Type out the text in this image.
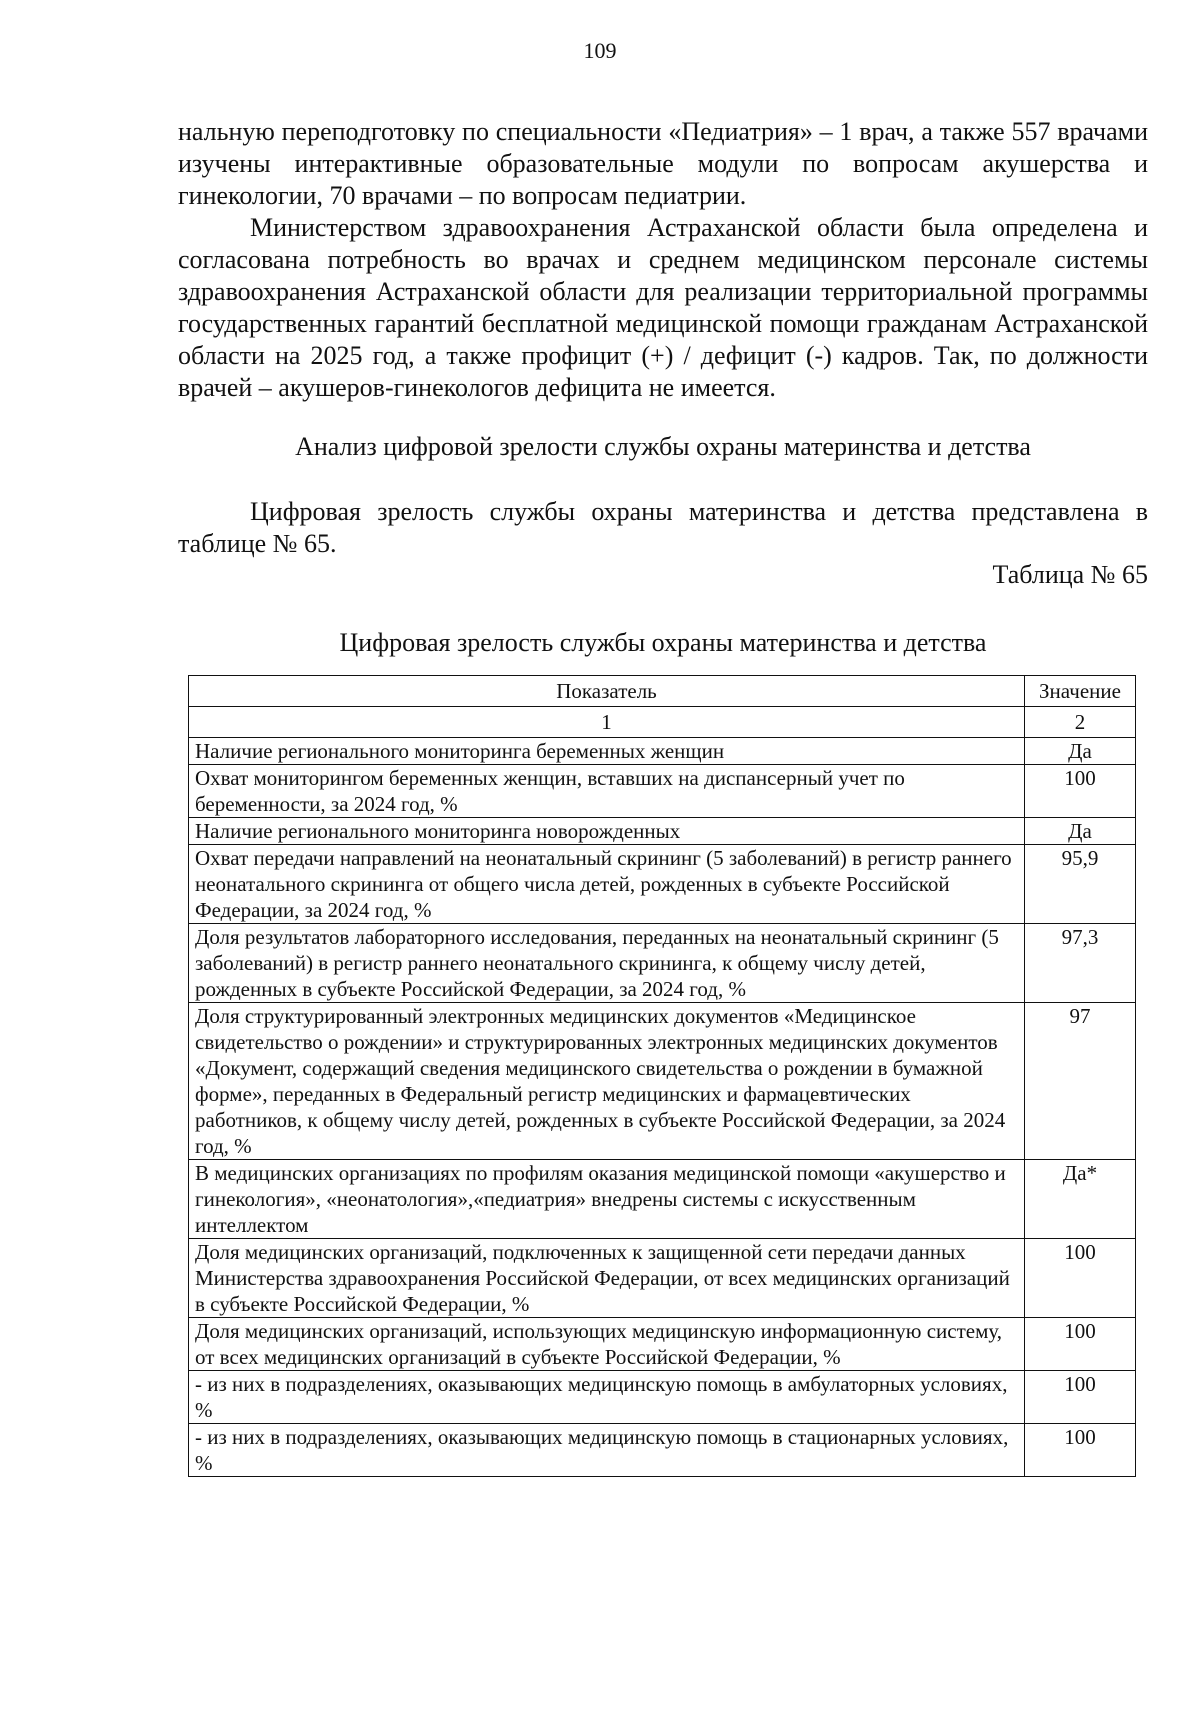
109

нальную переподготовку по специальности «Педиатрия» – 1 врач, а также 557 врачами изучены интерактивные образовательные модули по вопросам акушерства и гинекологии, 70 врачами – по вопросам педиатрии.

Министерством здравоохранения Астраханской области была определена и согласована потребность во врачах и среднем медицинском персонале системы здравоохранения Астраханской области для реализации территориальной программы государственных гарантий бесплатной медицинской помощи гражданам Астраханской области на 2025 год, а также профицит (+) / дефицит (-) кадров. Так, по должности врачей – акушеров-гинекологов дефицита не имеется.

Анализ цифровой зрелости службы охраны материнства и детства

Цифровая зрелость службы охраны материнства и детства представлена в таблице № 65.

Таблица № 65
Цифровая зрелость службы охраны материнства и детства
Показатель	Значение
1	2
Наличие регионального мониторинга беременных женщин	Да
Охват мониторингом беременных женщин, вставших на диспансерный учет по беременности, за 2024 год, %	100
Наличие регионального мониторинга новорожденных	Да
Охват передачи направлений на неонатальный скрининг (5 заболеваний) в регистр раннего неонатального скрининга от общего числа детей, рожденных в субъекте Российской Федерации, за 2024 год, %	95,9
Доля результатов лабораторного исследования, переданных на неонатальный скрининг (5 заболеваний) в регистр раннего неонатального скрининга, к общему числу детей, рожденных в субъекте Российской Федерации, за 2024 год, %	97,3
Доля структурированный электронных медицинских документов «Медицинское свидетельство о рождении» и структурированных электронных медицинских документов «Документ, содержащий сведения медицинского свидетельства о рождении в бумажной форме», переданных в Федеральный регистр медицинских и фармацевтических работников, к общему числу детей, рожденных в субъекте Российской Федерации, за 2024 год, %	97
В медицинских организациях по профилям оказания медицинской помощи «акушерство и гинекология», «неонатология»,«педиатрия» внедрены системы с искусственным интеллектом	Да*
Доля медицинских организаций, подключенных к защищенной сети передачи данных Министерства здравоохранения Российской Федерации, от всех медицинских организаций в субъекте Российской Федерации, %	100
Доля медицинских организаций, использующих медицинскую информационную систему, от всех медицинских организаций в субъекте Российской Федерации, %	100
- из них в подразделениях, оказывающих медицинскую помощь в амбулаторных условиях, %	100
- из них в подразделениях, оказывающих медицинскую помощь в стационарных условиях, %	100
